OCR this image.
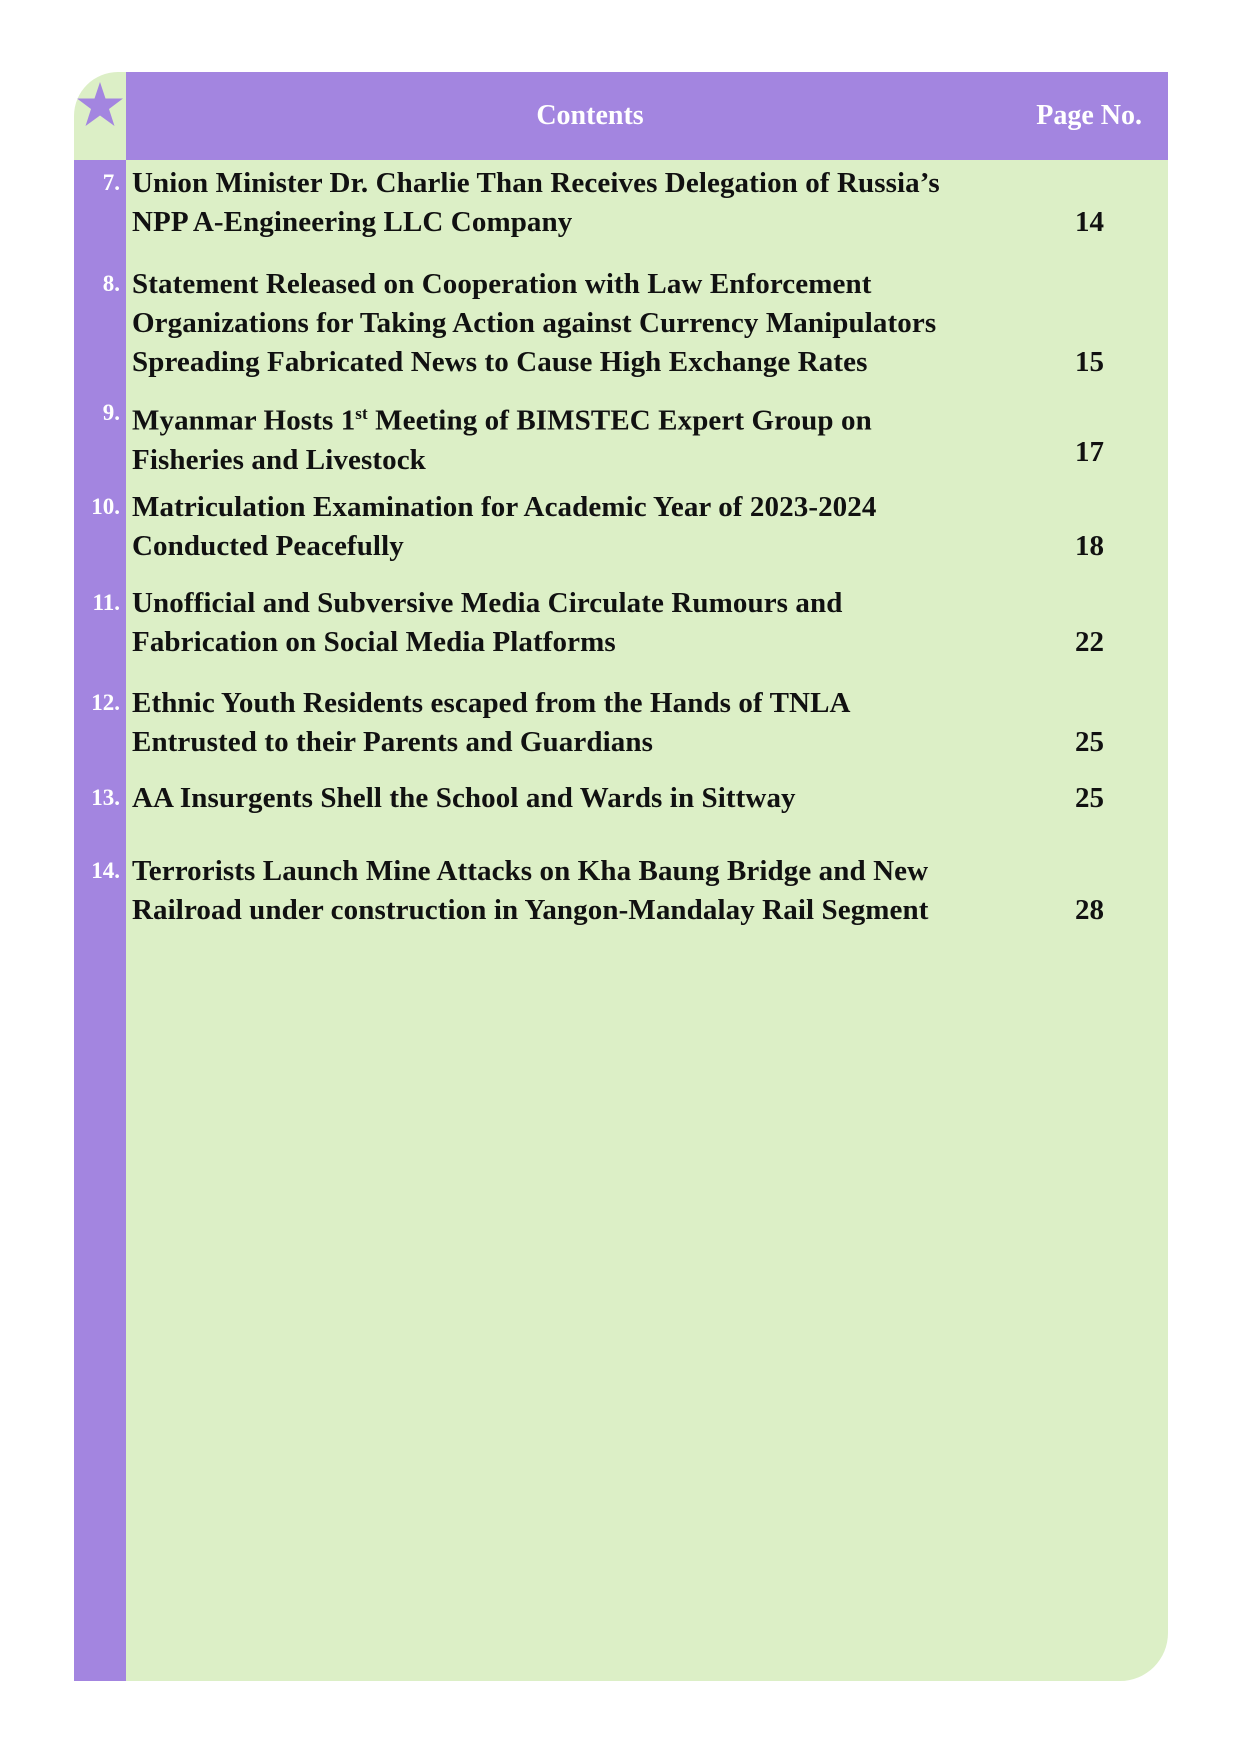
Contents	Page No.
7. Union Minister Dr. Charlie Than Receives Delegation of Russia’s
NPP A-Engineering LLC Company	14
8. Statement Released on Cooperation with Law Enforcement
Organizations for Taking Action against Currency Manipulators
Spreading Fabricated News to Cause High Exchange Rates	15
9. Myanmar Hosts 1st Meeting of BIMSTEC Expert Group on
Fisheries and Livestock	17
10. Matriculation Examination for Academic Year of 2023-2024
Conducted Peacefully	18
11. Unofficial and Subversive Media Circulate Rumours and
Fabrication on Social Media Platforms	22
12. Ethnic Youth Residents escaped from the Hands of TNLA
Entrusted to their Parents and Guardians	25
13. AA Insurgents Shell the School and Wards in Sittway	25
14. Terrorists Launch Mine Attacks on Kha Baung Bridge and New
Railroad under construction in Yangon-Mandalay Rail Segment	28
